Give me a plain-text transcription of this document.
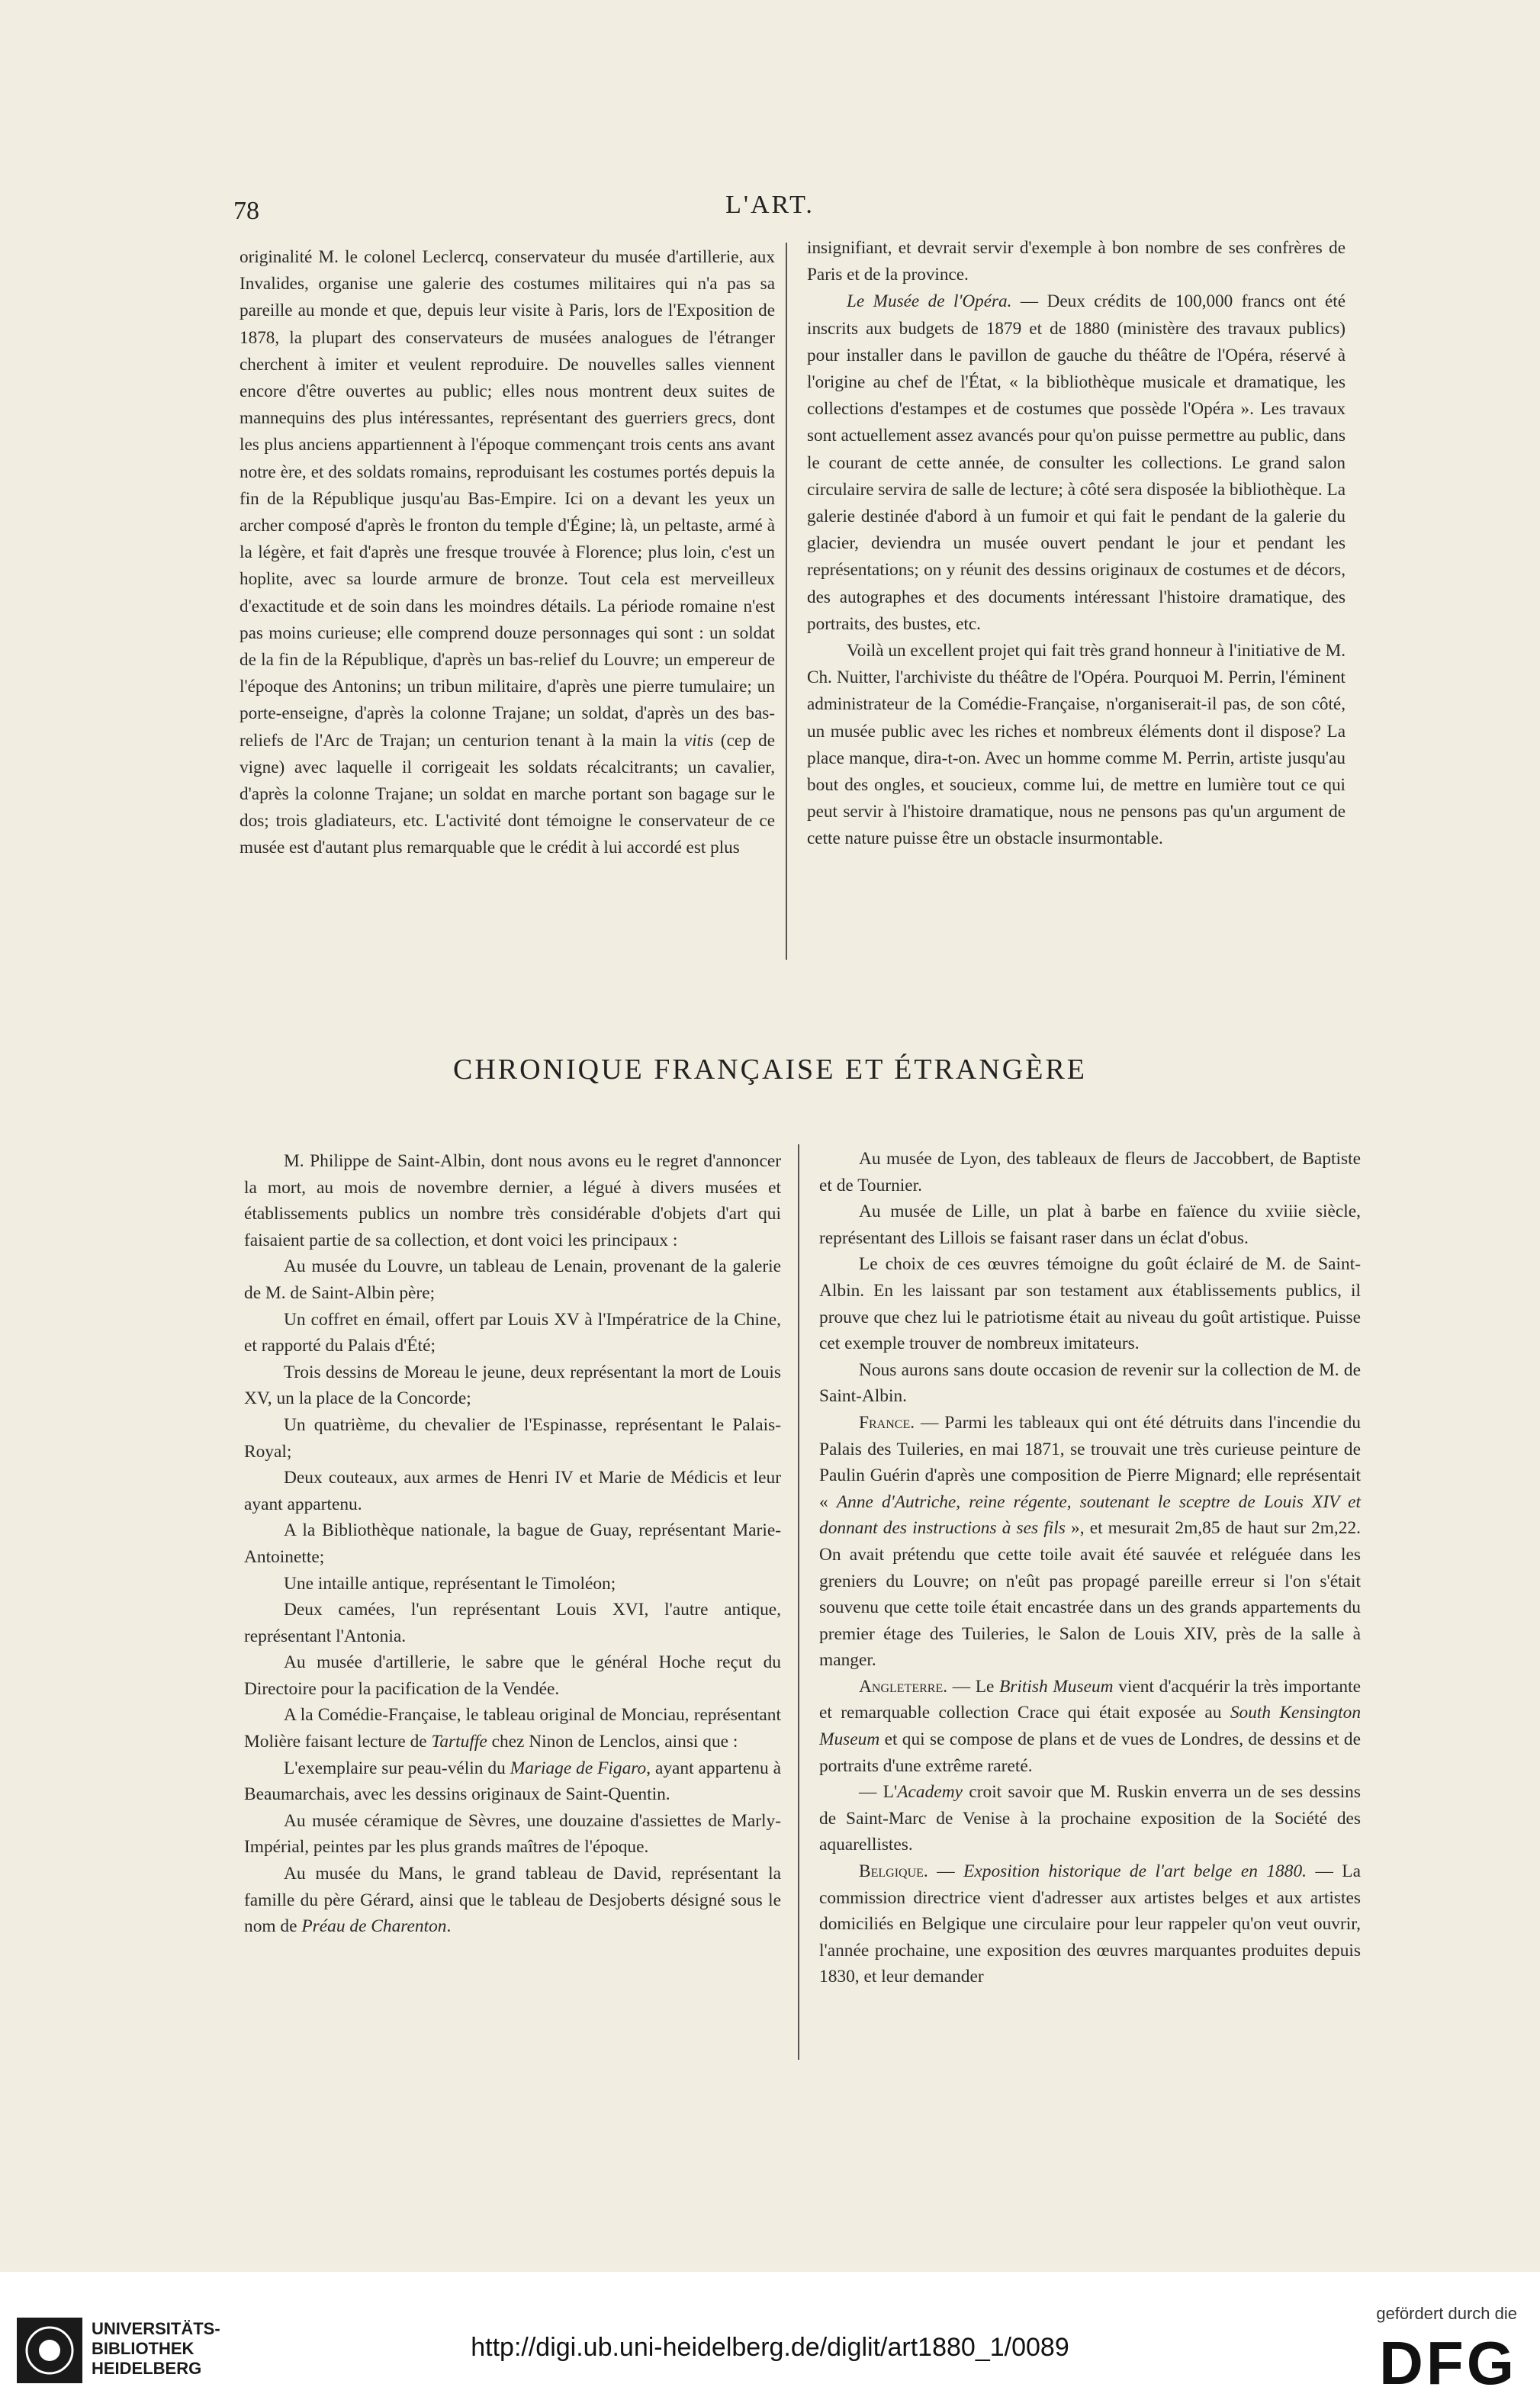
78	L'ART.

originalité M. le colonel Leclercq, conservateur du musée d'artillerie, aux Invalides, organise une galerie des costumes militaires qui n'a pas sa pareille au monde et que, depuis leur visite à Paris, lors de l'Exposition de 1878, la plupart des conservateurs de musées analogues de l'étranger cherchent à imiter et veulent reproduire. De nouvelles salles viennent encore d'être ouvertes au public; elles nous montrent deux suites de mannequins des plus intéressantes, représentant des guerriers grecs, dont les plus anciens appartiennent à l'époque commençant trois cents ans avant notre ère, et des soldats romains, reproduisant les costumes portés depuis la fin de la République jusqu'au Bas-Empire. Ici on a devant les yeux un archer composé d'après le fronton du temple d'Égine; là, un peltaste, armé à la légère, et fait d'après une fresque trouvée à Florence; plus loin, c'est un hoplite, avec sa lourde armure de bronze. Tout cela est merveilleux d'exactitude et de soin dans les moindres détails. La période romaine n'est pas moins curieuse; elle comprend douze personnages qui sont : un soldat de la fin de la République, d'après un bas-relief du Louvre; un empereur de l'époque des Antonins; un tribun militaire, d'après une pierre tumulaire; un porte-enseigne, d'après la colonne Trajane; un soldat, d'après un des bas-reliefs de l'Arc de Trajan; un centurion tenant à la main la vitis (cep de vigne) avec laquelle il corrigeait les soldats récalcitrants; un cavalier, d'après la colonne Trajane; un soldat en marche portant son bagage sur le dos; trois gladiateurs, etc. L'activité dont témoigne le conservateur de ce musée est d'autant plus remarquable que le crédit à lui accordé est plus

insignifiant, et devrait servir d'exemple à bon nombre de ses confrères de Paris et de la province.

Le Musée de l'Opéra. — Deux crédits de 100,000 francs ont été inscrits aux budgets de 1879 et de 1880 (ministère des travaux publics) pour installer dans le pavillon de gauche du théâtre de l'Opéra, réservé à l'origine au chef de l'État, « la bibliothèque musicale et dramatique, les collections d'estampes et de costumes que possède l'Opéra ». Les travaux sont actuellement assez avancés pour qu'on puisse permettre au public, dans le courant de cette année, de consulter les collections. Le grand salon circulaire servira de salle de lecture; à côté sera disposée la bibliothèque. La galerie destinée d'abord à un fumoir et qui fait le pendant de la galerie du glacier, deviendra un musée ouvert pendant le jour et pendant les représentations; on y réunit des dessins originaux de costumes et de décors, des autographes et des documents intéressant l'histoire dramatique, des portraits, des bustes, etc.

Voilà un excellent projet qui fait très grand honneur à l'initiative de M. Ch. Nuitter, l'archiviste du théâtre de l'Opéra. Pourquoi M. Perrin, l'éminent administrateur de la Comédie-Française, n'organiserait-il pas, de son côté, un musée public avec les riches et nombreux éléments dont il dispose? La place manque, dira-t-on. Avec un homme comme M. Perrin, artiste jusqu'au bout des ongles, et soucieux, comme lui, de mettre en lumière tout ce qui peut servir à l'histoire dramatique, nous ne pensons pas qu'un argument de cette nature puisse être un obstacle insurmontable.

CHRONIQUE FRANÇAISE ET ÉTRANGÈRE

M. Philippe de Saint-Albin, dont nous avons eu le regret d'annoncer la mort, au mois de novembre dernier, a légué à divers musées et établissements publics un nombre très considérable d'objets d'art qui faisaient partie de sa collection, et dont voici les principaux :

Au musée du Louvre, un tableau de Lenain, provenant de la galerie de M. de Saint-Albin père;

Un coffret en émail, offert par Louis XV à l'Impératrice de la Chine, et rapporté du Palais d'Été;

Trois dessins de Moreau le jeune, deux représentant la mort de Louis XV, un la place de la Concorde;

Un quatrième, du chevalier de l'Espinasse, représentant le Palais-Royal;

Deux couteaux, aux armes de Henri IV et Marie de Médicis et leur ayant appartenu.

A la Bibliothèque nationale, la bague de Guay, représentant Marie-Antoinette;

Une intaille antique, représentant le Timoléon;

Deux camées, l'un représentant Louis XVI, l'autre antique, représentant l'Antonia.

Au musée d'artillerie, le sabre que le général Hoche reçut du Directoire pour la pacification de la Vendée.

A la Comédie-Française, le tableau original de Monciau, représentant Molière faisant lecture de Tartuffe chez Ninon de Lenclos, ainsi que :

L'exemplaire sur peau-vélin du Mariage de Figaro, ayant appartenu à Beaumarchais, avec les dessins originaux de Saint-Quentin.

Au musée céramique de Sèvres, une douzaine d'assiettes de Marly-Impérial, peintes par les plus grands maîtres de l'époque.

Au musée du Mans, le grand tableau de David, représentant la famille du père Gérard, ainsi que le tableau de Desjoberts désigné sous le nom de Préau de Charenton.

Au musée de Lyon, des tableaux de fleurs de Jaccobbert, de Baptiste et de Tournier.

Au musée de Lille, un plat à barbe en faïence du xviiie siècle, représentant des Lillois se faisant raser dans un éclat d'obus.

Le choix de ces œuvres témoigne du goût éclairé de M. de Saint-Albin. En les laissant par son testament aux établissements publics, il prouve que chez lui le patriotisme était au niveau du goût artistique. Puisse cet exemple trouver de nombreux imitateurs.

Nous aurons sans doute occasion de revenir sur la collection de M. de Saint-Albin.

France. — Parmi les tableaux qui ont été détruits dans l'incendie du Palais des Tuileries, en mai 1871, se trouvait une très curieuse peinture de Paulin Guérin d'après une composition de Pierre Mignard; elle représentait « Anne d'Autriche, reine régente, soutenant le sceptre de Louis XIV et donnant des instructions à ses fils », et mesurait 2m,85 de haut sur 2m,22. On avait prétendu que cette toile avait été sauvée et reléguée dans les greniers du Louvre; on n'eût pas propagé pareille erreur si l'on s'était souvenu que cette toile était encastrée dans un des grands appartements du premier étage des Tuileries, le Salon de Louis XIV, près de la salle à manger.

Angleterre. — Le British Museum vient d'acquérir la très importante et remarquable collection Crace qui était exposée au South Kensington Museum et qui se compose de plans et de vues de Londres, de dessins et de portraits d'une extrême rareté.

— L'Academy croit savoir que M. Ruskin enverra un de ses dessins de Saint-Marc de Venise à la prochaine exposition de la Société des aquarellistes.

Belgique. — Exposition historique de l'art belge en 1880. — La commission directrice vient d'adresser aux artistes belges et aux artistes domiciliés en Belgique une circulaire pour leur rappeler qu'on veut ouvrir, l'année prochaine, une exposition des œuvres marquantes produites depuis 1830, et leur demander

UNIVERSITÄTS-
BIBLIOTHEK
HEIDELBERG
http://digi.ub.uni-heidelberg.de/diglit/art1880_1/0089
gefördert durch die
DFG
